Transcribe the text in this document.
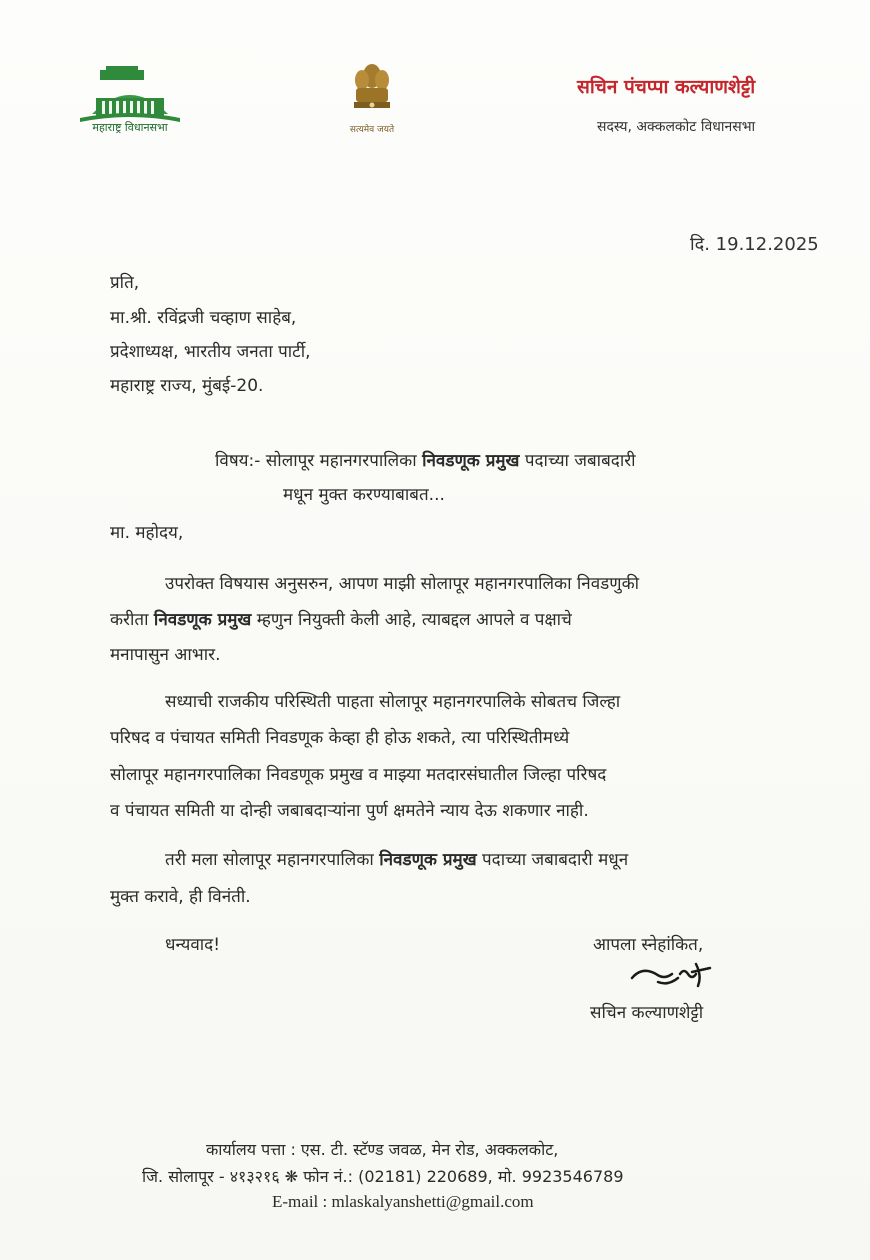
महाराष्ट्र विधानसभा	सत्यमेव जयते
सचिन पंचप्पा कल्याणशेट्टी
सदस्य, अक्कलकोट विधानसभा
दि. 19.12.2025
प्रति,
मा.श्री. रविंद्रजी चव्हाण साहेब,
प्रदेशाध्यक्ष, भारतीय जनता पार्टी,
महाराष्ट्र राज्य, मुंबई-20.
विषय:- सोलापूर महानगरपालिका निवडणूक प्रमुख पदाच्या जबाबदारी
मधून मुक्त करण्याबाबत...
मा. महोदय,
उपरोक्त विषयास अनुसरुन, आपण माझी सोलापूर महानगरपालिका निवडणुकी
करीता निवडणूक प्रमुख म्हणुन नियुक्ती केली आहे, त्याबद्दल आपले व पक्षाचे
मनापासुन आभार.
सध्याची राजकीय परिस्थिती पाहता सोलापूर महानगरपालिके सोबतच जिल्हा
परिषद व पंचायत समिती निवडणूक केव्हा ही होऊ शकते, त्या परिस्थितीमध्ये
सोलापूर महानगरपालिका निवडणूक प्रमुख व माझ्या मतदारसंघातील जिल्हा परिषद
व पंचायत समिती या दोन्ही जबाबदाऱ्यांना पुर्ण क्षमतेने न्याय देऊ शकणार नाही.
तरी मला सोलापूर महानगरपालिका निवडणूक प्रमुख पदाच्या जबाबदारी मधून
मुक्त करावे, ही विनंती.
धन्यवाद!	आपला स्नेहांकित,
सचिन कल्याणशेट्टी
कार्यालय पत्ता : एस. टी. स्टॅण्ड जवळ, मेन रोड, अक्कलकोट,
जि. सोलापूर - ४१३२१६ ❋ फोन नं.: (02181) 220689, मो. 9923546789
E-mail : mlaskalyanshetti@gmail.com
